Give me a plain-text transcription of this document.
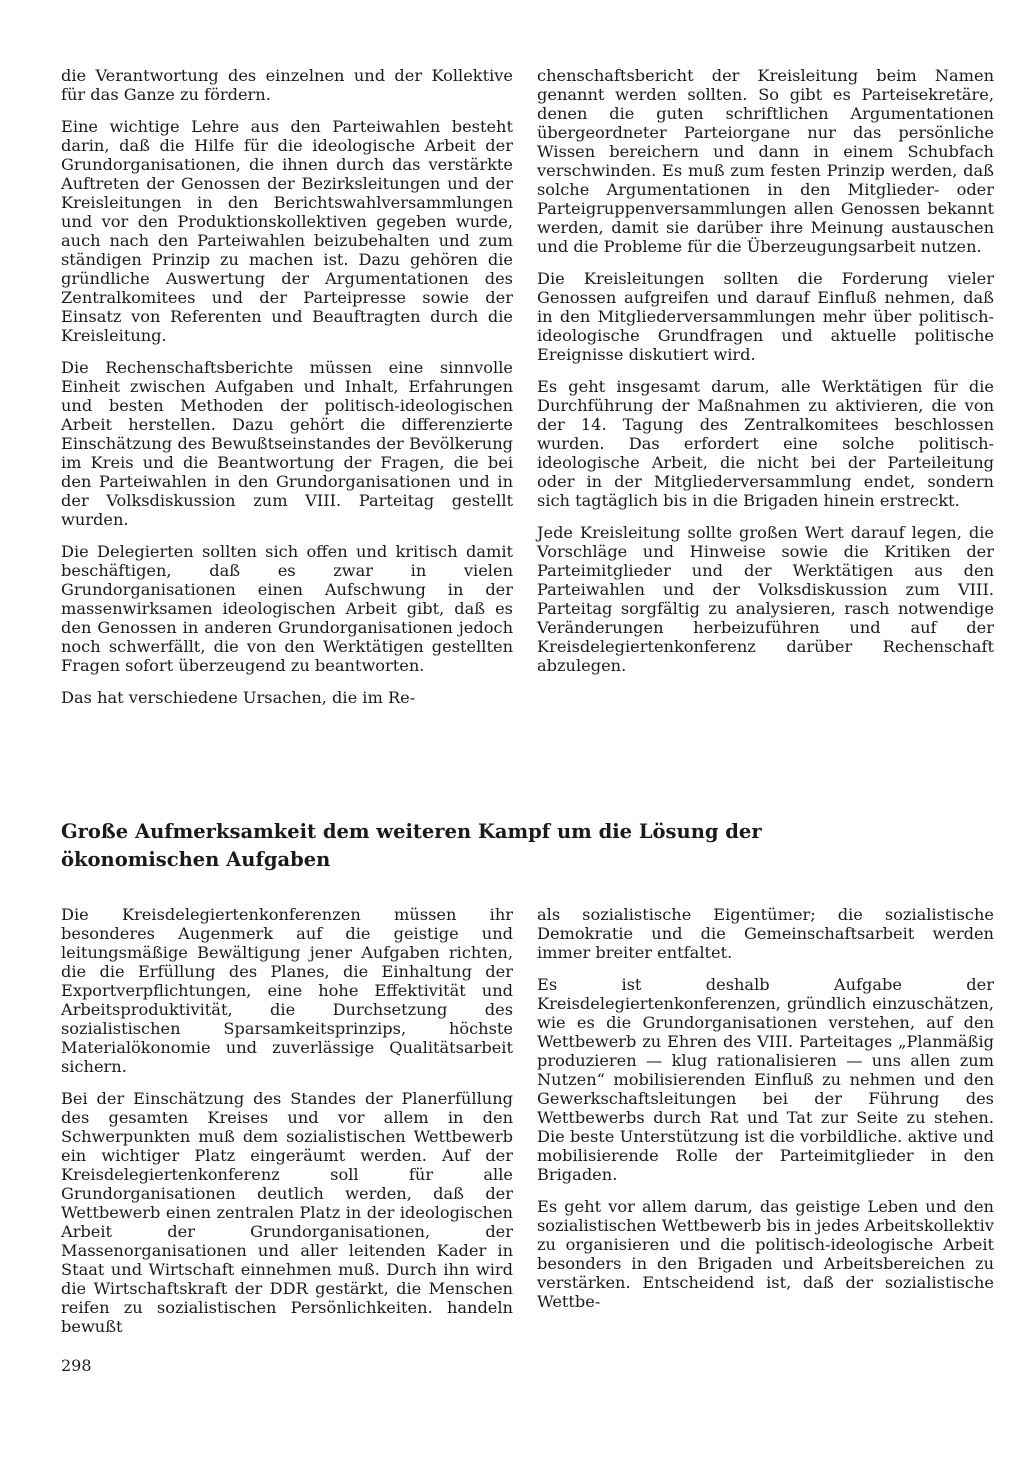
die Verantwortung des einzelnen und der Kollektive für das Ganze zu fördern.

Eine wichtige Lehre aus den Parteiwahlen besteht darin, daß die Hilfe für die ideologische Arbeit der Grundorganisationen, die ihnen durch das verstärkte Auftreten der Genossen der Bezirksleitungen und der Kreisleitungen in den Berichtswahlversammlungen und vor den Produktionskollektiven gegeben wurde, auch nach den Parteiwahlen beizubehalten und zum ständigen Prinzip zu machen ist. Dazu gehören die gründliche Auswertung der Argumentationen des Zentralkomitees und der Parteipresse sowie der Einsatz von Referenten und Beauftragten durch die Kreisleitung.

Die Rechenschaftsberichte müssen eine sinnvolle Einheit zwischen Aufgaben und Inhalt, Erfahrungen und besten Methoden der politisch-ideologischen Arbeit herstellen. Dazu gehört die differenzierte Einschätzung des Bewußtseinstandes der Bevölkerung im Kreis und die Beantwortung der Fragen, die bei den Parteiwahlen in den Grundorganisationen und in der Volksdiskussion zum VIII. Parteitag gestellt wurden.

Die Delegierten sollten sich offen und kritisch damit beschäftigen, daß es zwar in vielen Grundorganisationen einen Aufschwung in der massenwirksamen ideologischen Arbeit gibt, daß es den Genossen in anderen Grundorganisationen jedoch noch schwerfällt, die von den Werktätigen gestellten Fragen sofort überzeugend zu beantworten.

Das hat verschiedene Ursachen, die im Re-

chenschaftsbericht der Kreisleitung beim Namen genannt werden sollten. So gibt es Parteisekretäre, denen die guten schriftlichen Argumentationen übergeordneter Parteiorgane nur das persönliche Wissen bereichern und dann in einem Schubfach verschwinden. Es muß zum festen Prinzip werden, daß solche Argumentationen in den Mitglieder- oder Parteigruppenversammlungen allen Genossen bekannt werden, damit sie darüber ihre Meinung austauschen und die Probleme für die Überzeugungsarbeit nutzen.

Die Kreisleitungen sollten die Forderung vieler Genossen aufgreifen und darauf Einfluß nehmen, daß in den Mitgliederversammlungen mehr über politisch-ideologische Grundfragen und aktuelle politische Ereignisse diskutiert wird.

Es geht insgesamt darum, alle Werktätigen für die Durchführung der Maßnahmen zu aktivieren, die von der 14. Tagung des Zentralkomitees beschlossen wurden. Das erfordert eine solche politisch-ideologische Arbeit, die nicht bei der Parteileitung oder in der Mitgliederversammlung endet, sondern sich tagtäglich bis in die Brigaden hinein erstreckt.

Jede Kreisleitung sollte großen Wert darauf legen, die Vorschläge und Hinweise sowie die Kritiken der Parteimitglieder und der Werktätigen aus den Parteiwahlen und der Volksdiskussion zum VIII. Parteitag sorgfältig zu analysieren, rasch notwendige Veränderungen herbeizuführen und auf der Kreisdelegiertenkonferenz darüber Rechenschaft abzulegen.

Große Aufmerksamkeit dem weiteren Kampf um die Lösung der ökonomischen Aufgaben

Die Kreisdelegiertenkonferenzen müssen ihr besonderes Augenmerk auf die geistige und leitungsmäßige Bewältigung jener Aufgaben richten, die die Erfüllung des Planes, die Einhaltung der Exportverpflichtungen, eine hohe Effektivität und Arbeitsproduktivität, die Durchsetzung des sozialistischen Sparsamkeitsprinzips, höchste Materialökonomie und zuverlässige Qualitätsarbeit sichern.

Bei der Einschätzung des Standes der Planerfüllung des gesamten Kreises und vor allem in den Schwerpunkten muß dem sozialistischen Wettbewerb ein wichtiger Platz eingeräumt werden. Auf der Kreisdelegiertenkonferenz soll für alle Grundorganisationen deutlich werden, daß der Wettbewerb einen zentralen Platz in der ideologischen Arbeit der Grundorganisationen, der Massenorganisationen und aller leitenden Kader in Staat und Wirtschaft einnehmen muß. Durch ihn wird die Wirtschaftskraft der DDR gestärkt, die Menschen reifen zu sozialistischen Persönlichkeiten. handeln bewußt

als sozialistische Eigentümer; die sozialistische Demokratie und die Gemeinschaftsarbeit werden immer breiter entfaltet.

Es ist deshalb Aufgabe der Kreisdelegiertenkonferenzen, gründlich einzuschätzen, wie es die Grundorganisationen verstehen, auf den Wettbewerb zu Ehren des VIII. Parteitages „Planmäßig produzieren — klug rationalisieren — uns allen zum Nutzen“ mobilisierenden Einfluß zu nehmen und den Gewerkschaftsleitungen bei der Führung des Wettbewerbs durch Rat und Tat zur Seite zu stehen. Die beste Unterstützung ist die vorbildliche. aktive und mobilisierende Rolle der Parteimitglieder in den Brigaden.

Es geht vor allem darum, das geistige Leben und den sozialistischen Wettbewerb bis in jedes Arbeitskollektiv zu organisieren und die politisch-ideologische Arbeit besonders in den Brigaden und Arbeitsbereichen zu verstärken. Entscheidend ist, daß der sozialistische Wettbe-

298
